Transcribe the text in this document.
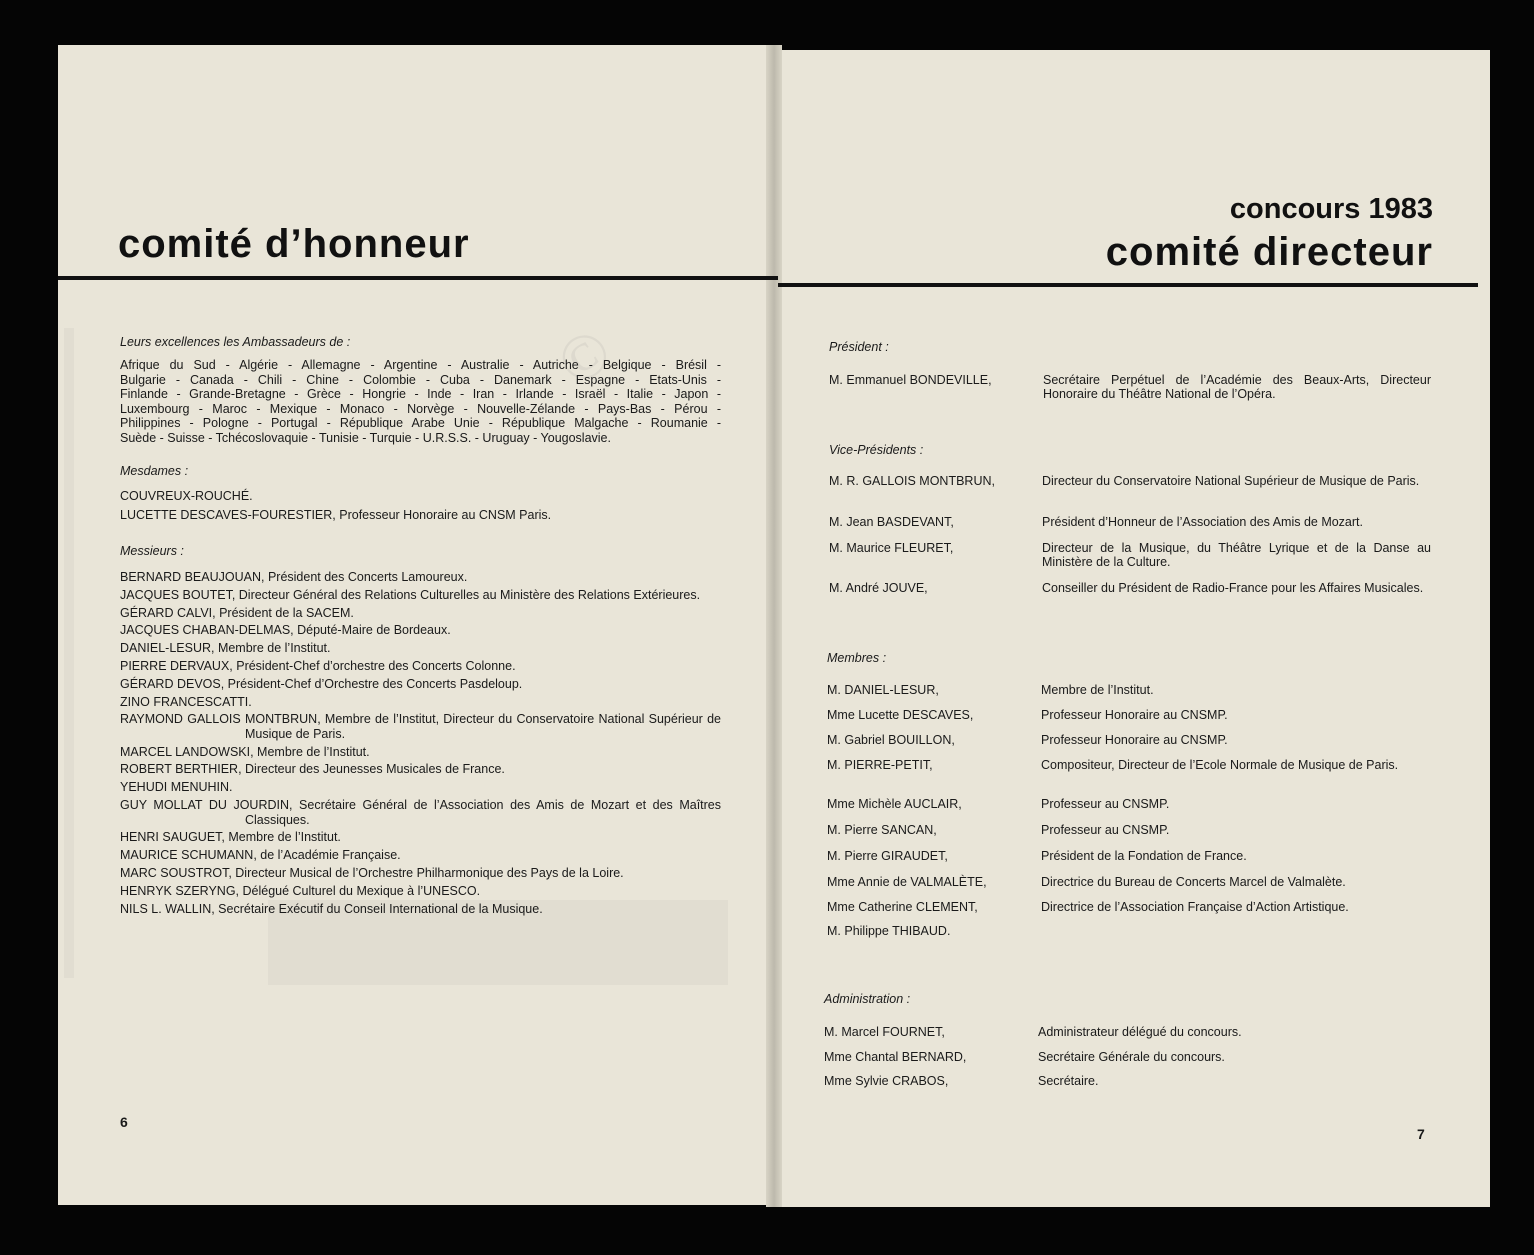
comité d’honneur
Leurs excellences les Ambassadeurs de :
Afrique du Sud - Algérie - Allemagne - Argentine - Australie - Autriche - Belgique - Brésil -
Bulgarie - Canada - Chili - Chine - Colombie - Cuba - Danemark - Espagne - Etats-Unis -
Finlande - Grande-Bretagne - Grèce - Hongrie - Inde - Iran - Irlande - Israël - Italie - Japon -
Luxembourg - Maroc - Mexique - Monaco - Norvège - Nouvelle-Zélande - Pays-Bas - Pérou -
Philippines - Pologne - Portugal - République Arabe Unie - République Malgache - Roumanie -
Suède - Suisse - Tchécoslovaquie - Tunisie - Turquie - U.R.S.S. - Uruguay - Yougoslavie.
Mesdames :
COUVREUX-ROUCHÉ.
LUCETTE DESCAVES-FOURESTIER, Professeur Honoraire au CNSM Paris.
Messieurs :
BERNARD BEAUJOUAN, Président des Concerts Lamoureux.
JACQUES BOUTET, Directeur Général des Relations Culturelles au Ministère des Relations Extérieures.
GÉRARD CALVI, Président de la SACEM.
JACQUES CHABAN-DELMAS, Député-Maire de Bordeaux.
DANIEL-LESUR, Membre de l’Institut.
PIERRE DERVAUX, Président-Chef d’orchestre des Concerts Colonne.
GÉRARD DEVOS, Président-Chef d’Orchestre des Concerts Pasdeloup.
ZINO FRANCESCATTI.
RAYMOND GALLOIS MONTBRUN, Membre de l’Institut, Directeur du Conservatoire National Supérieur de Musique de Paris.
MARCEL LANDOWSKI, Membre de l’Institut.
ROBERT BERTHIER, Directeur des Jeunesses Musicales de France.
YEHUDI MENUHIN.
GUY MOLLAT DU JOURDIN, Secrétaire Général de l’Association des Amis de Mozart et des Maîtres Classiques.
HENRI SAUGUET, Membre de l’Institut.
MAURICE SCHUMANN, de l’Académie Française.
MARC SOUSTROT, Directeur Musical de l’Orchestre Philharmonique des Pays de la Loire.
HENRYK SZERYNG, Délégué Culturel du Mexique à l’UNESCO.
NILS L. WALLIN, Secrétaire Exécutif du Conseil International de la Musique.
6
concours 1983
comité directeur
Président :
Vice-Présidents :
Membres :
Administration :
M. Emmanuel BONDEVILLE,	Secrétaire Perpétuel de l’Académie des Beaux-Arts, Directeur Honoraire du Théâtre National de l’Opéra.
M. R. GALLOIS MONTBRUN,	Directeur du Conservatoire National Supérieur de Musique de Paris.
M. Jean BASDEVANT,	Président d’Honneur de l’Association des Amis de Mozart.
M. Maurice FLEURET,	Directeur de la Musique, du Théâtre Lyrique et de la Danse au Ministère de la Culture.
M. André JOUVE,	Conseiller du Président de Radio-France pour les Affaires Musicales.
M. DANIEL-LESUR,	Membre de l’Institut.
Mme Lucette DESCAVES,	Professeur Honoraire au CNSMP.
M. Gabriel BOUILLON,	Professeur Honoraire au CNSMP.
M. PIERRE-PETIT,	Compositeur, Directeur de l’Ecole Normale de Musique de Paris.
Mme Michèle AUCLAIR,	Professeur au CNSMP.
M. Pierre SANCAN,	Professeur au CNSMP.
M. Pierre GIRAUDET,	Président de la Fondation de France.
Mme Annie de VALMALÈTE,	Directrice du Bureau de Concerts Marcel de Valmalète.
Mme Catherine CLEMENT,	Directrice de l’Association Française d’Action Artistique.
M. Philippe THIBAUD.
M. Marcel FOURNET,	Administrateur délégué du concours.
Mme Chantal BERNARD,	Secrétaire Générale du concours.
Mme Sylvie CRABOS,	Secrétaire.
7
©
